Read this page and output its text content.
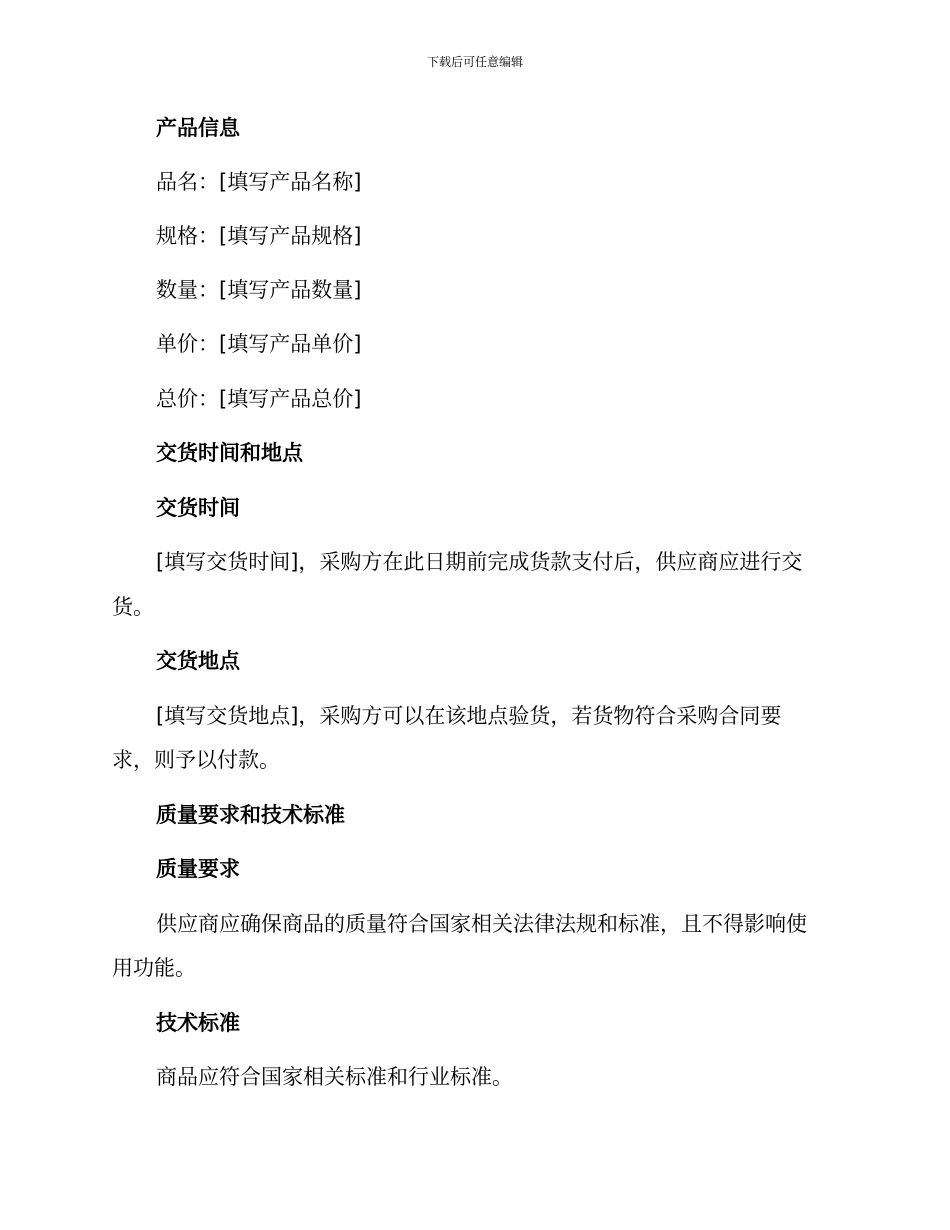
下载后可任意编辑
产品信息
品名：[填写产品名称]
规格：[填写产品规格]
数量：[填写产品数量]
单价：[填写产品单价]
总价：[填写产品总价]
交货时间和地点
交货时间
[填写交货时间]，采购方在此日期前完成货款支付后，供应商应进行交
货。
交货地点
[填写交货地点]，采购方可以在该地点验货，若货物符合采购合同要
求，则予以付款。
质量要求和技术标准
质量要求
供应商应确保商品的质量符合国家相关法律法规和标准，且不得影响使
用功能。
技术标准
商品应符合国家相关标准和行业标准。
